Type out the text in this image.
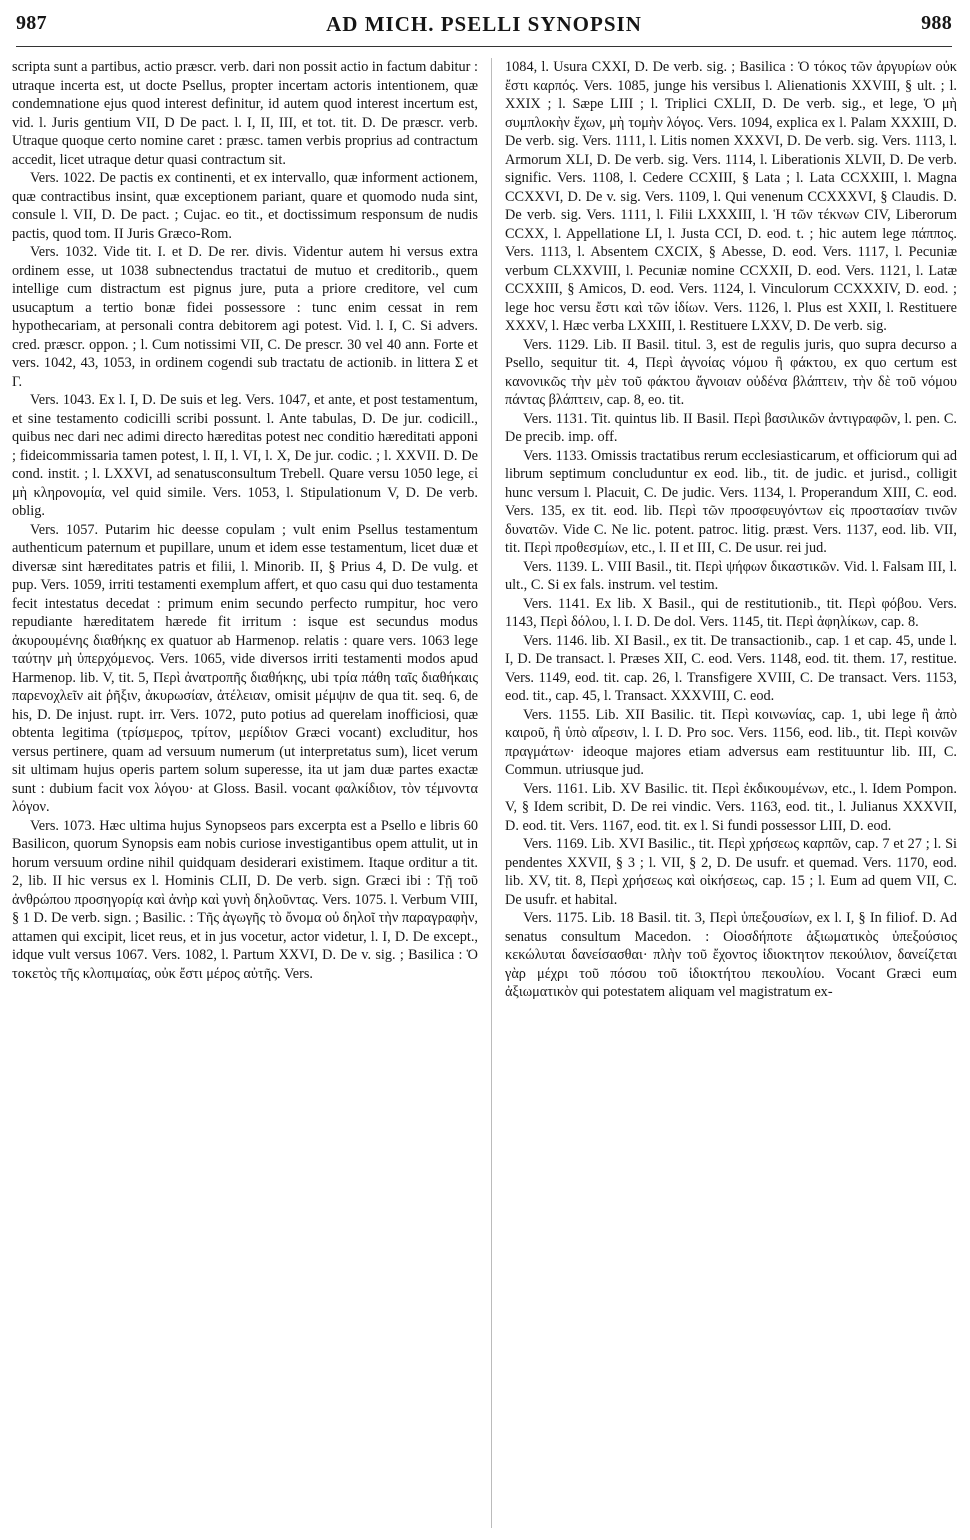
987	AD MICH. PSELLI SYNOPSIN	988

scripta sunt a partibus, actio præscr. verb. dari non possit actio in factum dabitur : utraque incerta est, ut docte Psellus, propter incertam actoris intentionem, quæ condemnatione ejus quod interest definitur, id autem quod interest incertum est, vid. l. Juris gentium VII, D De pact. l. I, II, III, et tot. tit. D. De præscr. verb. Utraque quoque certo nomine caret : præsc. tamen verbis proprius ad contractum accedit, licet utraque detur quasi contractum sit.

Vers. 1022. De pactis ex continenti, et ex intervallo, quæ informent actionem, quæ contractibus insint, quæ exceptionem pariant, quare et quomodo nuda sint, consule l. VII, D. De pact. ; Cujac. eo tit., et doctissimum responsum de nudis pactis, quod tom. II Juris Græco-Rom.

Vers. 1032. Vide tit. I. et D. De rer. divis. Videntur autem hi versus extra ordinem esse, ut 1038 subnectendus tractatui de mutuo et creditorib., quem intellige cum distractum est pignus jure, puta a priore creditore, vel cum usucaptum a tertio bonæ fidei possessore : tunc enim cessat in rem hypothecariam, at personali contra debitorem agi potest. Vid. l. I, C. Si advers. cred. præscr. oppon. ; l. Cum notissimi VII, C. De prescr. 30 vel 40 ann. Forte et vers. 1042, 43, 1053, in ordinem cogendi sub tractatu de actionib. in littera Σ et Γ.

Vers. 1043. Ex l. I, D. De suis et leg. Vers. 1047, et ante, et post testamentum, et sine testamento codicilli scribi possunt. l. Ante tabulas, D. De jur. codicill., quibus nec dari nec adimi directo hæreditas potest nec conditio hæreditati apponi ; fideicommissaria tamen potest, l. II, l. VI, l. X, De jur. codic. ; l. XXVII. D. De cond. instit. ; l. LXXVI, ad senatusconsultum Trebell. Quare versu 1050 lege, εἰ μὴ κληρονομία, vel quid simile. Vers. 1053, l. Stipulationum V, D. De verb. oblig.

Vers. 1057. Putarim hic deesse copulam ; vult enim Psellus testamentum authenticum paternum et pupillare, unum et idem esse testamentum, licet duæ et diversæ sint hæreditates patris et filii, l. Minorib. II, § Prius 4, D. De vulg. et pup. Vers. 1059, irriti testamenti exemplum affert, et quo casu qui duo testamenta fecit intestatus decedat : primum enim secundo perfecto rumpitur, hoc vero repudiante hæreditatem hærede fit irritum : isque est secundus modus ἀκυρουμένης διαθήκης ex quatuor ab Harmenop. relatis : quare vers. 1063 lege ταύτην μὴ ὑπερχόμενος. Vers. 1065, vide diversos irriti testamenti modos apud Harmenop. lib. V, tit. 5, Περὶ ἀνατροπῆς διαθήκης, ubi τρία πάθη ταῖς διαθήκαις παρενοχλεῖν ait ῥῆξιν, ἀκυρωσίαν, ἀτέλειαν, omisit μέμψιν de qua tit. seq. 6, de his, D. De injust. rupt. irr. Vers. 1072, puto potius ad querelam inofficiosi, quæ obtenta legitima (τρίσμερος, τρίτον, μερίδιον Græci vocant) excluditur, hos versus pertinere, quam ad versuum numerum (ut interpretatus sum), licet verum sit ultimam hujus operis partem solum superesse, ita ut jam duæ partes exactæ sunt : dubium facit vox λόγου· at Gloss. Basil. vocant φαλκίδιον, τὸν τέμνοντα λόγον.

Vers. 1073. Hæc ultima hujus Synopseos pars excerpta est a Psello e libris 60 Basilicon, quorum Synopsis eam nobis curiose investigantibus opem attulit, ut in horum versuum ordine nihil quidquam desiderari existimem. Itaque orditur a tit. 2, lib. II hic versus ex l. Hominis CLII, D. De verb. sign. Græci ibi : Τῇ τοῦ ἀνθρώπου προσηγορίᾳ καὶ ἀνὴρ καὶ γυνὴ δηλοῦντας. Vers. 1075. l. Verbum VIII, § 1 D. De verb. sign. ; Basilic. : Τῆς ἀγωγῆς τὸ ὄνομα οὐ δηλοῖ τὴν παραγραφὴν, attamen qui excipit, licet reus, et in jus vocetur, actor videtur, l. I, D. De except., idque vult versus 1067. Vers. 1082, l. Partum XXVI, D. De v. sig. ; Basilica : Ὁ τοκετὸς τῆς κλοπιμαίας, οὐκ ἔστι μέρος αὐτῆς. Vers.

1084, l. Usura CXXI, D. De verb. sig. ; Basilica : Ὁ τόκος τῶν ἀργυρίων οὐκ ἔστι καρπός. Vers. 1085, junge his versibus l. Alienationis XXVIII, § ult. ; l. XXIX ; l. Sæpe LIII ; l. Triplici CXLII, D. De verb. sig., et lege, Ὁ μὴ συμπλοκὴν ἔχων, μὴ τομὴν λόγος. Vers. 1094, explica ex l. Palam XXXIII, D. De verb. sig. Vers. 1111, l. Litis nomen XXXVI, D. De verb. sig. Vers. 1113, l. Armorum XLI, D. De verb. sig. Vers. 1114, l. Liberationis XLVII, D. De verb. signific. Vers. 1108, l. Cedere CCXIII, § Lata ; l. Lata CCXXIII, l. Magna CCXXVI, D. De v. sig. Vers. 1109, l. Qui venenum CCXXXVI, § Claudis. D. De verb. sig. Vers. 1111, l. Filii LXXXIII, l. Ἡ τῶν τέκνων CIV, Liberorum CCXX, l. Appellatione LI, l. Justa CCI, D. eod. t. ; hic autem lege πάππος. Vers. 1113, l. Absentem CXCIX, § Abesse, D. eod. Vers. 1117, l. Pecuniæ verbum CLXXVIII, l. Pecuniæ nomine CCXXII, D. eod. Vers. 1121, l. Latæ CCXXIII, § Amicos, D. eod. Vers. 1124, l. Vinculorum CCXXXIV, D. eod. ; lege hoc versu ἔστι καὶ τῶν ἰδίων. Vers. 1126, l. Plus est XXII, l. Restituere XXXV, l. Hæc verba LXXIII, l. Restituere LXXV, D. De verb. sig.

Vers. 1129. Lib. II Basil. titul. 3, est de regulis juris, quo supra decurso a Psello, sequitur tit. 4, Περὶ ἀγνοίας νόμου ἢ φάκτου, ex quo certum est κανονικῶς τὴν μὲν τοῦ φάκτου ἄγνοιαν οὐδένα βλάπτειν, τὴν δὲ τοῦ νόμου πάντας βλάπτειν, cap. 8, eo. tit.

Vers. 1131. Tit. quintus lib. II Basil. Περὶ βασιλικῶν ἀντιγραφῶν, l. pen. C. De precib. imp. off.

Vers. 1133. Omissis tractatibus rerum ecclesiasticarum, et officiorum qui ad librum septimum concluduntur ex eod. lib., tit. de judic. et jurisd., colligit hunc versum l. Placuit, C. De judic. Vers. 1134, l. Properandum XIII, C. eod. Vers. 135, ex tit. eod. lib. Περὶ τῶν προσφευγόντων εἰς προστασίαν τινῶν δυνατῶν. Vide C. Ne lic. potent. patroc. litig. præst. Vers. 1137, eod. lib. VII, tit. Περὶ προθεσμίων, etc., l. II et III, C. De usur. rei jud.

Vers. 1139. L. VIII Basil., tit. Περὶ ψήφων δικαστικῶν. Vid. l. Falsam III, l. ult., C. Si ex fals. instrum. vel testim.

Vers. 1141. Ex lib. X Basil., qui de restitutionib., tit. Περὶ φόβου. Vers. 1143, Περὶ δόλου, l. I. D. De dol. Vers. 1145, tit. Περὶ ἀφηλίκων, cap. 8.

Vers. 1146. lib. XI Basil., ex tit. De transactionib., cap. 1 et cap. 45, unde l. I, D. De transact. l. Præses XII, C. eod. Vers. 1148, eod. tit. them. 17, restitue. Vers. 1149, eod. tit. cap. 26, l. Transfigere XVIII, C. De transact. Vers. 1153, eod. tit., cap. 45, l. Transact. XXXVIII, C. eod.

Vers. 1155. Lib. XII Basilic. tit. Περὶ κοινωνίας, cap. 1, ubi lege ἢ ἀπὸ καιροῦ, ἢ ὑπὸ αἵρεσιν, l. I. D. Pro soc. Vers. 1156, eod. lib., tit. Περὶ κοινῶν πραγμάτων· ideoque majores etiam adversus eam restituuntur lib. III, C. Commun. utriusque jud.

Vers. 1161. Lib. XV Basilic. tit. Περὶ ἐκδικουμένων, etc., l. Idem Pompon. V, § Idem scribit, D. De rei vindic. Vers. 1163, eod. tit., l. Julianus XXXVII, D. eod. tit. Vers. 1167, eod. tit. ex l. Si fundi possessor LIII, D. eod.

Vers. 1169. Lib. XVI Basilic., tit. Περὶ χρήσεως καρπῶν, cap. 7 et 27 ; l. Si pendentes XXVII, § 3 ; l. VII, § 2, D. De usufr. et quemad. Vers. 1170, eod. lib. XV, tit. 8, Περὶ χρήσεως καὶ οἰκήσεως, cap. 15 ; l. Eum ad quem VII, C. De usufr. et habital.

Vers. 1175. Lib. 18 Basil. tit. 3, Περὶ ὑπεξουσίων, ex l. I, § In filiof. D. Ad senatus consultum Macedon. : Οἰοσδήποτε ἀξιωματικὸς ὑπεξούσιος κεκώλυται δανείσασθαι· πλὴν τοῦ ἔχοντος ἰδιοκτητον πεκούλιον, δανείζεται γὰρ μέχρι τοῦ πόσου τοῦ ἰδιοκτήτου πεκουλίου. Vocant Græci eum ἀξιωματικὸν qui potestatem aliquam vel magistratum ex-
